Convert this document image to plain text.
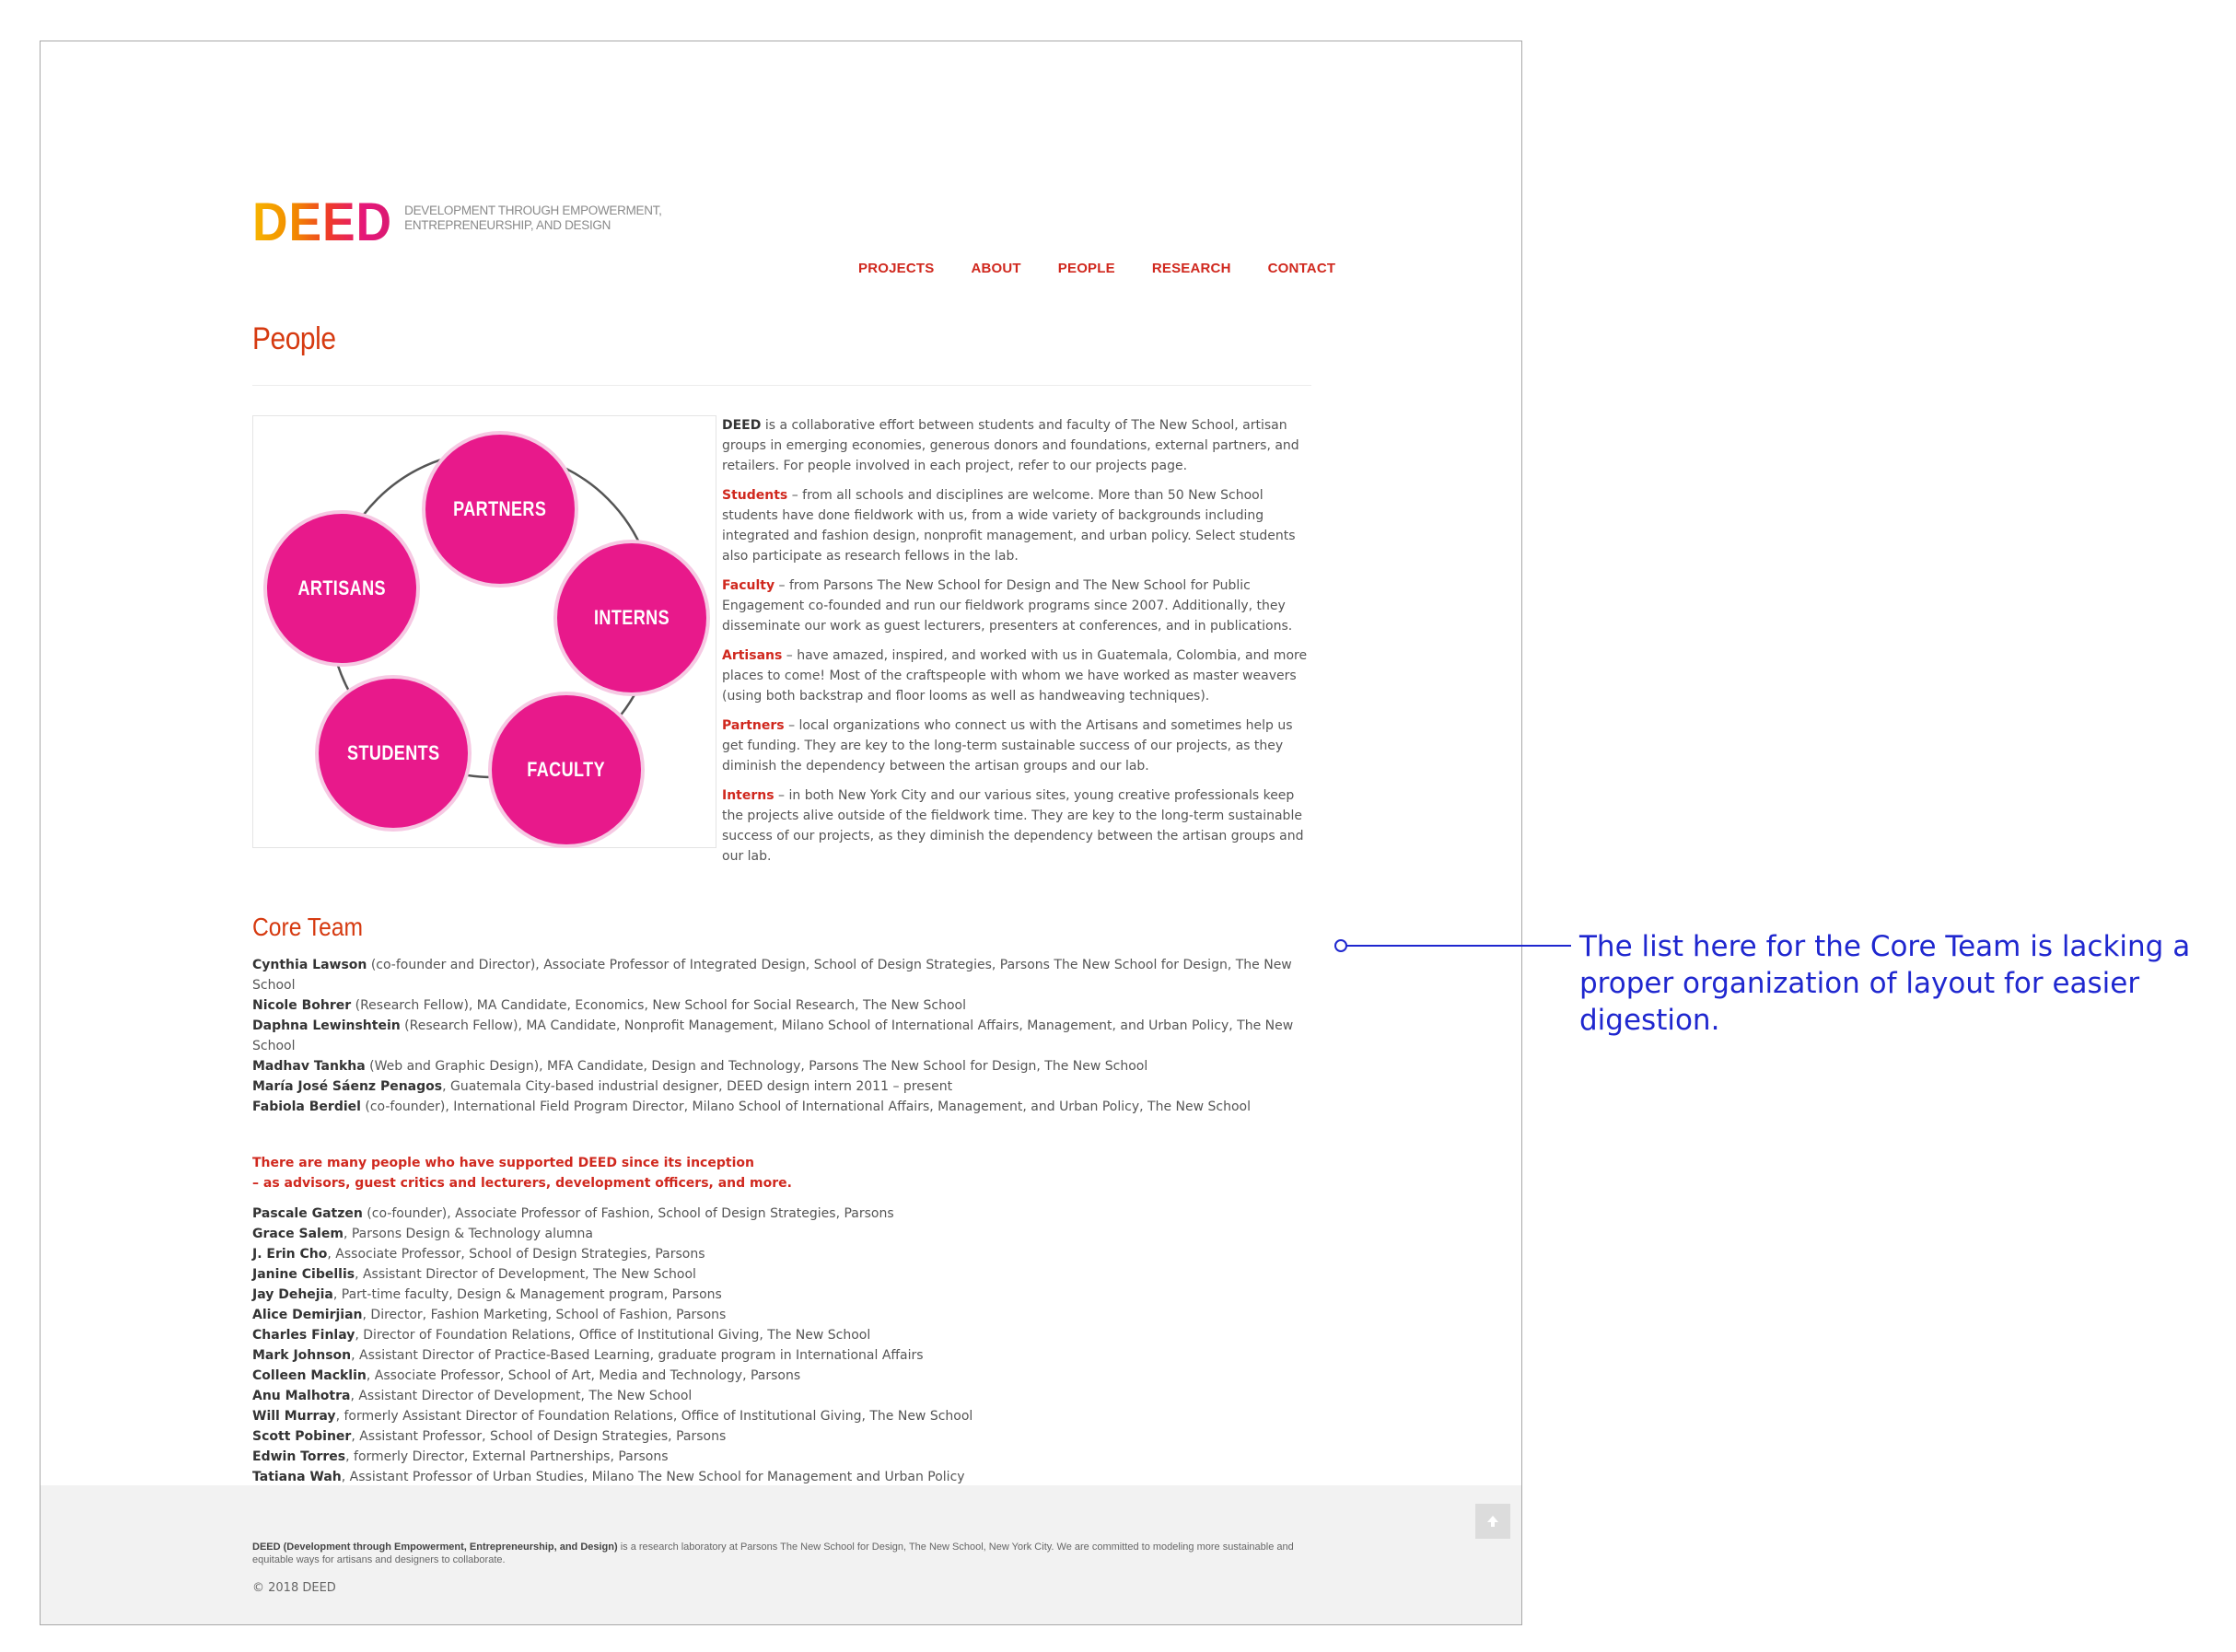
DEED DEVELOPMENT THROUGH EMPOWERMENT,
ENTREPRENEURSHIP, AND DESIGN
PROJECTS	ABOUT	PEOPLE	RESEARCH	CONTACT
People
PARTNERS
ARTISANS
INTERNS
STUDENTS
FACULTY

DEED is a collaborative effort between students and faculty of The New School, artisan groups in emerging economies, generous donors and foundations, external partners, and retailers. For people involved in each project, refer to our projects page.

Students – from all schools and disciplines are welcome. More than 50 New School students have done fieldwork with us, from a wide variety of backgrounds including integrated and fashion design, nonprofit management, and urban policy. Select students also participate as research fellows in the lab.

Faculty – from Parsons The New School for Design and The New School for Public Engagement co-founded and run our fieldwork programs since 2007. Additionally, they disseminate our work as guest lecturers, presenters at conferences, and in publications.

Artisans – have amazed, inspired, and worked with us in Guatemala, Colombia, and more places to come! Most of the craftspeople with whom we have worked as master weavers (using both backstrap and floor looms as well as handweaving techniques).

Partners – local organizations who connect us with the Artisans and sometimes help us get funding. They are key to the long-term sustainable success of our projects, as they diminish the dependency between the artisan groups and our lab.

Interns – in both New York City and our various sites, young creative professionals keep the projects alive outside of the fieldwork time. They are key to the long-term sustainable success of our projects, as they diminish the dependency between the artisan groups and our lab.

Core Team
Cynthia Lawson (co-founder and Director), Associate Professor of Integrated Design, School of Design Strategies, Parsons The New School for Design, The New School
Nicole Bohrer (Research Fellow), MA Candidate, Economics, New School for Social Research, The New School
Daphna Lewinshtein (Research Fellow), MA Candidate, Nonprofit Management, Milano School of International Affairs, Management, and Urban Policy, The New School
Madhav Tankha (Web and Graphic Design), MFA Candidate, Design and Technology, Parsons The New School for Design, The New School
María José Sáenz Penagos, Guatemala City-based industrial designer, DEED design intern 2011 – present
Fabiola Berdiel (co-founder), International Field Program Director, Milano School of International Affairs, Management, and Urban Policy, The New School
There are many people who have supported DEED since its inception
– as advisors, guest critics and lecturers, development officers, and more.
Pascale Gatzen (co-founder), Associate Professor of Fashion, School of Design Strategies, Parsons
Grace Salem, Parsons Design & Technology alumna
J. Erin Cho, Associate Professor, School of Design Strategies, Parsons
Janine Cibellis, Assistant Director of Development, The New School
Jay Dehejia, Part-time faculty, Design & Management program, Parsons
Alice Demirjian, Director, Fashion Marketing, School of Fashion, Parsons
Charles Finlay, Director of Foundation Relations, Office of Institutional Giving, The New School
Mark Johnson, Assistant Director of Practice-Based Learning, graduate program in International Affairs
Colleen Macklin, Associate Professor, School of Art, Media and Technology, Parsons
Anu Malhotra, Assistant Director of Development, The New School
Will Murray, formerly Assistant Director of Foundation Relations, Office of Institutional Giving, The New School
Scott Pobiner, Assistant Professor, School of Design Strategies, Parsons
Edwin Torres, formerly Director, External Partnerships, Parsons
Tatiana Wah, Assistant Professor of Urban Studies, Milano The New School for Management and Urban Policy
DEED (Development through Empowerment, Entrepreneurship, and Design) is a research laboratory at Parsons The New School for Design, The New School, New York City. We are committed to modeling more sustainable and equitable ways for artisans and designers to collaborate.
© 2018 DEED
The list here for the Core Team is lacking a proper organization of layout for easier digestion.
